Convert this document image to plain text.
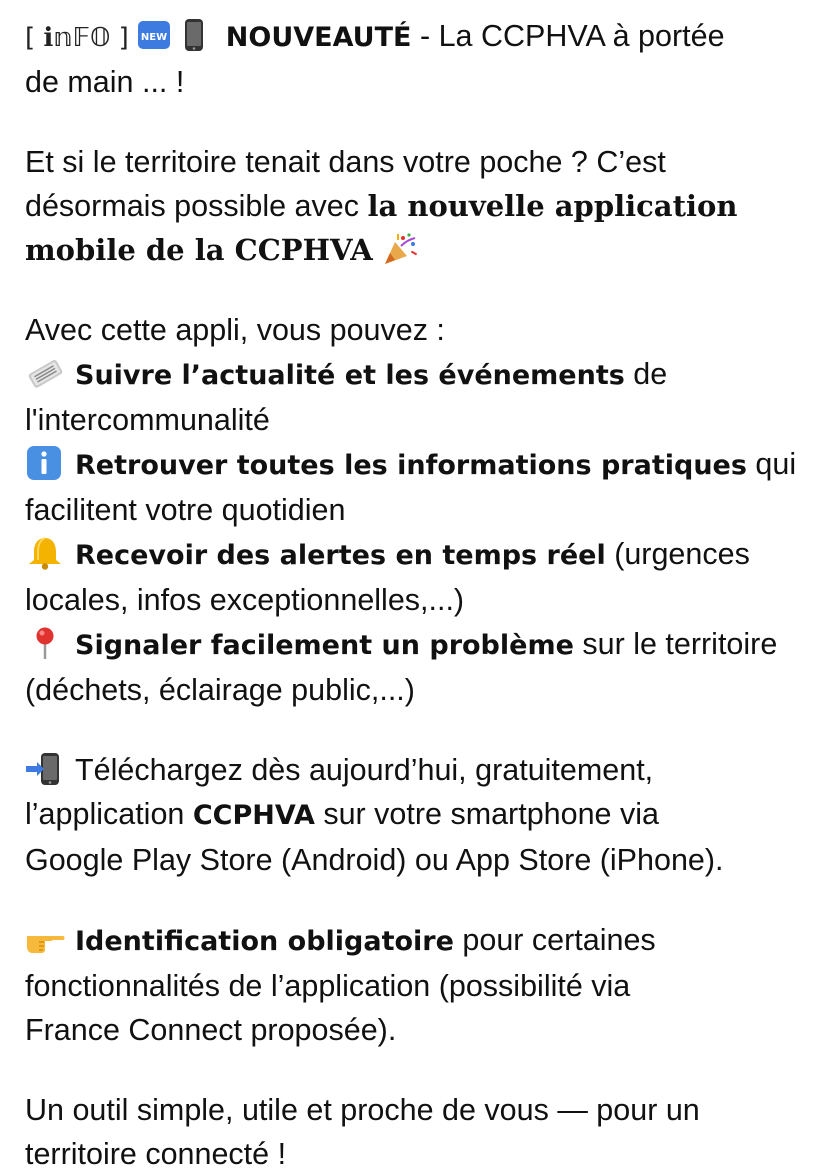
[ ℹ𝕟𝔽𝕆 ] NEW NOUVEAUTÉ - La CCPHVA à portée
de main ... !
Et si le territoire tenait dans votre poche ? C’est
désormais possible avec la nouvelle application
mobile de la CCPHVA
Avec cette appli, vous pouvez :
Suivre l’actualité et les événements de
l'intercommunalité
Retrouver toutes les informations pratiques qui
facilitent votre quotidien
Recevoir des alertes en temps réel (urgences
locales, infos exceptionnelles,...)
Signaler facilement un problème sur le territoire
(déchets, éclairage public,...)
Téléchargez dès aujourd’hui, gratuitement,
l’application CCPHVA sur votre smartphone via
Google Play Store (Android) ou App Store (iPhone).
Identification obligatoire pour certaines
fonctionnalités de l’application (possibilité via
France Connect proposée).
Un outil simple, utile et proche de vous — pour un
territoire connecté !
